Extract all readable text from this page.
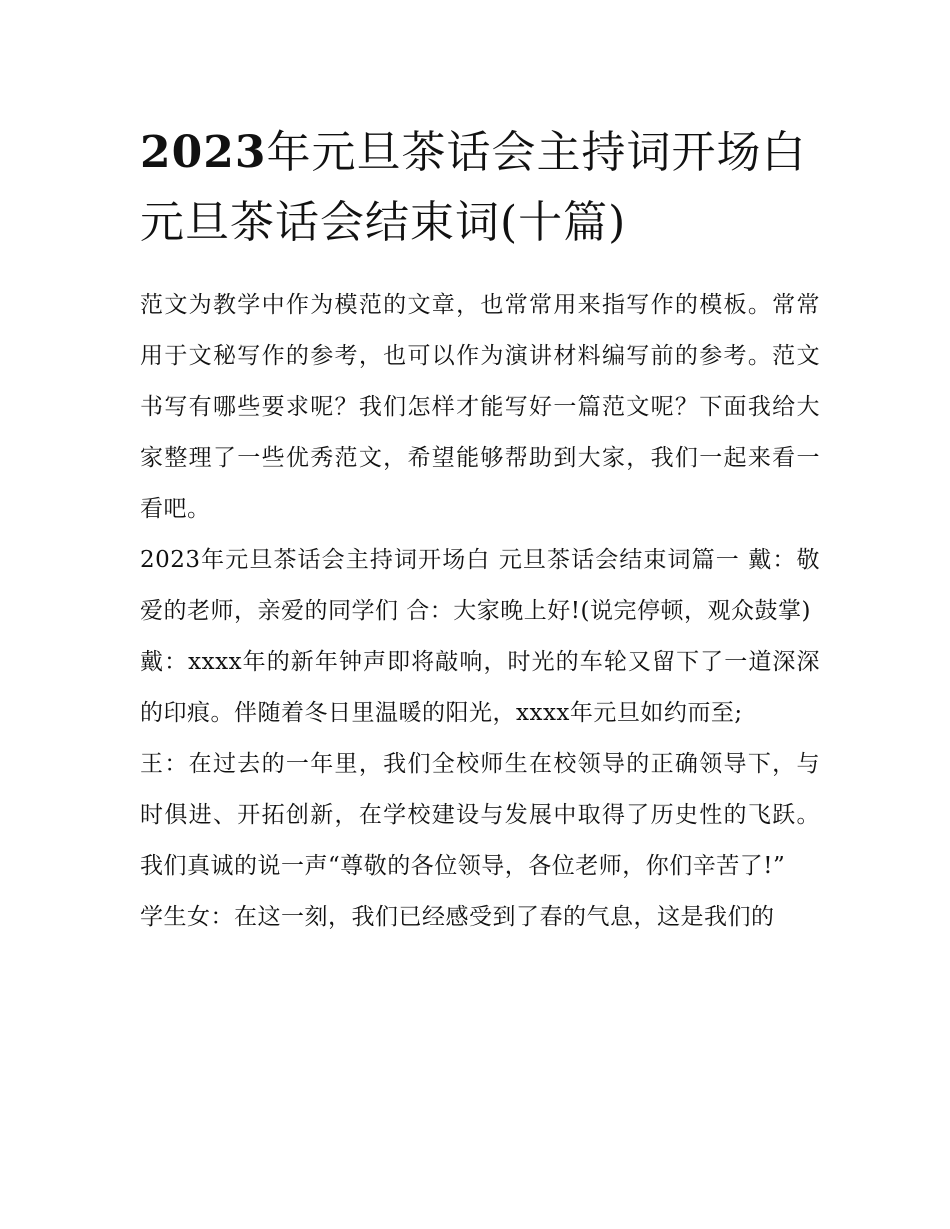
2023年元旦茶话会主持词开场白 元旦茶话会结束词(十篇)

范文为教学中作为模范的文章，也常常用来指写作的模板。常常用于文秘写作的参考，也可以作为演讲材料编写前的参考。范文书写有哪些要求呢？我们怎样才能写好一篇范文呢？下面我给大家整理了一些优秀范文，希望能够帮助到大家，我们一起来看一看吧。

2023年元旦茶话会主持词开场白 元旦茶话会结束词篇一 戴：敬爱的老师，亲爱的同学们 合：大家晚上好!(说完停顿，观众鼓掌)

戴：xxxx年的新年钟声即将敲响，时光的车轮又留下了一道深深的印痕。伴随着冬日里温暖的阳光，xxxx年元旦如约而至;

王：在过去的一年里，我们全校师生在校领导的正确领导下，与时俱进、开拓创新，在学校建设与发展中取得了历史性的飞跃。我们真诚的说一声“尊敬的各位领导，各位老师，你们辛苦了!”

学生女：在这一刻，我们已经感受到了春的气息，这是我们的
